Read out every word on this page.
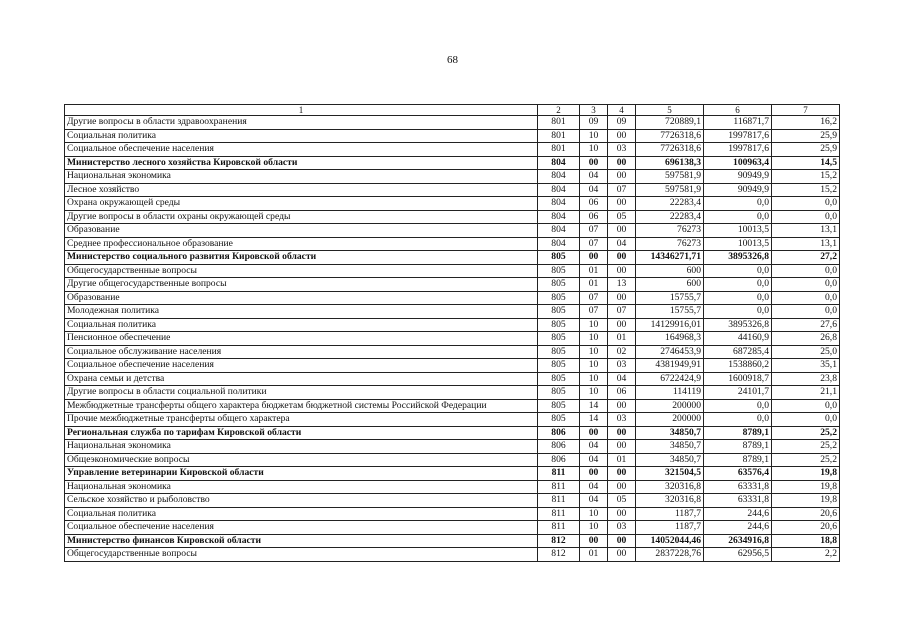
68
1	2	3	4	5	6	7
Другие вопросы в области здравоохранения	801	09	09	720889,1	116871,7	16,2
Социальная политика	801	10	00	7726318,6	1997817,6	25,9
Социальное обеспечение населения	801	10	03	7726318,6	1997817,6	25,9
Министерство лесного хозяйства Кировской области	804	00	00	696138,3	100963,4	14,5
Национальная экономика	804	04	00	597581,9	90949,9	15,2
Лесное хозяйство	804	04	07	597581,9	90949,9	15,2
Охрана окружающей среды	804	06	00	22283,4	0,0	0,0
Другие вопросы в области охраны окружающей среды	804	06	05	22283,4	0,0	0,0
Образование	804	07	00	76273	10013,5	13,1
Среднее профессиональное образование	804	07	04	76273	10013,5	13,1
Министерство социального развития Кировской области	805	00	00	14346271,71	3895326,8	27,2
Общегосударственные вопросы	805	01	00	600	0,0	0,0
Другие общегосударственные вопросы	805	01	13	600	0,0	0,0
Образование	805	07	00	15755,7	0,0	0,0
Молодежная политика	805	07	07	15755,7	0,0	0,0
Социальная политика	805	10	00	14129916,01	3895326,8	27,6
Пенсионное обеспечение	805	10	01	164968,3	44160,9	26,8
Социальное обслуживание населения	805	10	02	2746453,9	687285,4	25,0
Социальное обеспечение населения	805	10	03	4381949,91	1538860,2	35,1
Охрана семьи и детства	805	10	04	6722424,9	1600918,7	23,8
Другие вопросы в области социальной политики	805	10	06	114119	24101,7	21,1
Межбюджетные трансферты общего характера бюджетам бюджетной системы Российской Федерации	805	14	00	200000	0,0	0,0
Прочие межбюджетные трансферты общего характера	805	14	03	200000	0,0	0,0
Региональная служба по тарифам Кировской области	806	00	00	34850,7	8789,1	25,2
Национальная экономика	806	04	00	34850,7	8789,1	25,2
Общеэкономические вопросы	806	04	01	34850,7	8789,1	25,2
Управление ветеринарии Кировской области	811	00	00	321504,5	63576,4	19,8
Национальная экономика	811	04	00	320316,8	63331,8	19,8
Сельское хозяйство и рыболовство	811	04	05	320316,8	63331,8	19,8
Социальная политика	811	10	00	1187,7	244,6	20,6
Социальное обеспечение населения	811	10	03	1187,7	244,6	20,6
Министерство финансов Кировской области	812	00	00	14052044,46	2634916,8	18,8
Общегосударственные вопросы	812	01	00	2837228,76	62956,5	2,2
